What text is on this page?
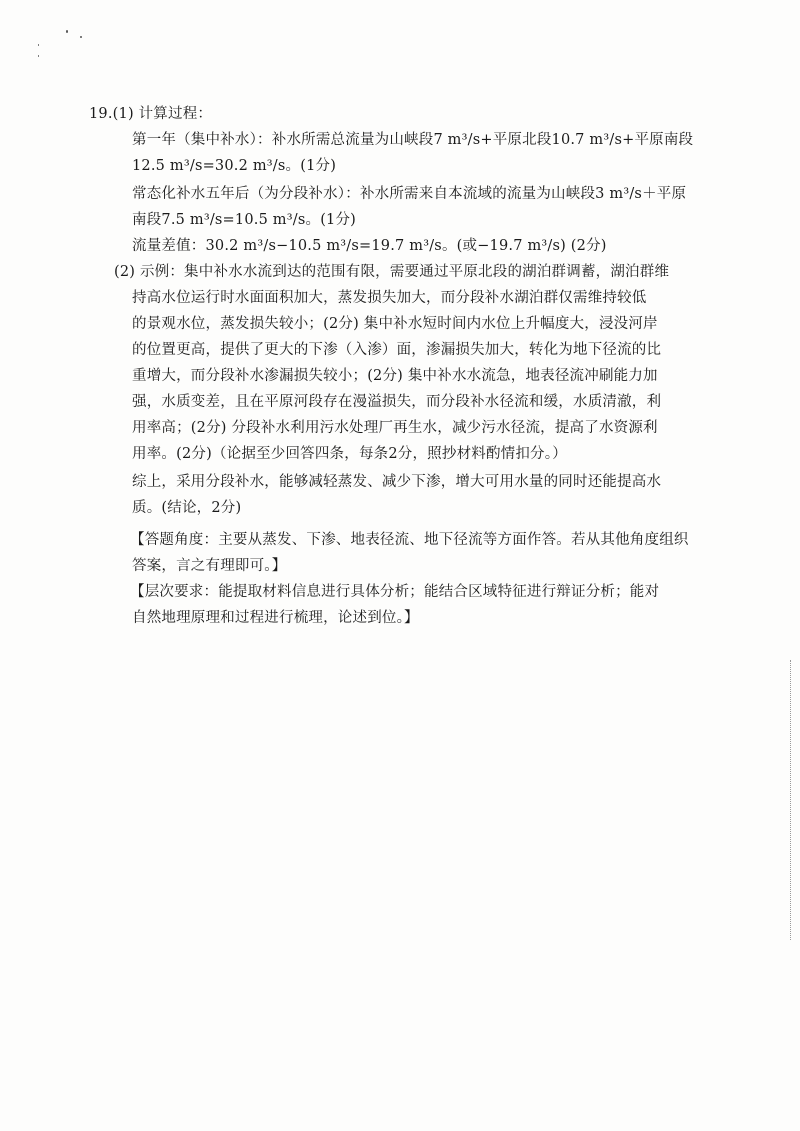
19.(1) 计算过程：
第一年（集中补水）：补水所需总流量为山峡段7 m³/s+平原北段10.7 m³/s+平原南段
12.5 m³/s=30.2 m³/s。(1分)
常态化补水五年后（为分段补水）：补水所需来自本流域的流量为山峡段3 m³/s＋平原
南段7.5 m³/s=10.5 m³/s。(1分)
流量差值：30.2 m³/s−10.5 m³/s=19.7 m³/s。(或−19.7 m³/s) (2分)
(2) 示例：集中补水水流到达的范围有限，需要通过平原北段的湖泊群调蓄，湖泊群维
持高水位运行时水面面积加大，蒸发损失加大，而分段补水湖泊群仅需维持较低
的景观水位，蒸发损失较小；(2分) 集中补水短时间内水位上升幅度大，浸没河岸
的位置更高，提供了更大的下渗（入渗）面，渗漏损失加大，转化为地下径流的比
重增大，而分段补水渗漏损失较小；(2分) 集中补水水流急，地表径流冲刷能力加
强，水质变差，且在平原河段存在漫溢损失，而分段补水径流和缓，水质清澈，利
用率高；(2分) 分段补水利用污水处理厂再生水，减少污水径流，提高了水资源利
用率。(2分)（论据至少回答四条，每条2分，照抄材料酌情扣分。）
综上，采用分段补水，能够减轻蒸发、减少下渗，增大可用水量的同时还能提高水
质。(结论，2分)
【答题角度：主要从蒸发、下渗、地表径流、地下径流等方面作答。若从其他角度组织
答案，言之有理即可。】
【层次要求：能提取材料信息进行具体分析；能结合区域特征进行辩证分析；能对
自然地理原理和过程进行梳理，论述到位。】
